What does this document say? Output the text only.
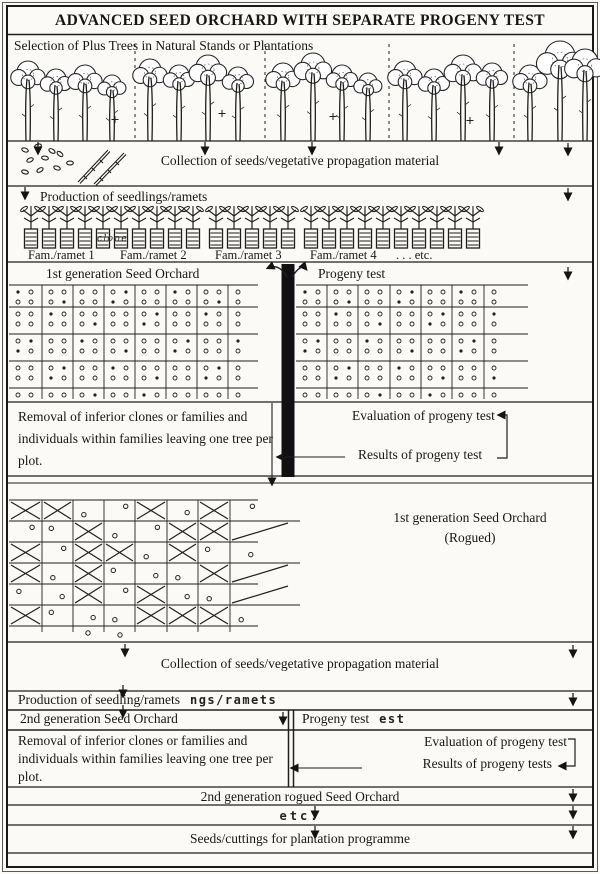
ADVANCED SEED ORCHARD WITH SEPARATE PROGENY TEST
Selection of Plus Trees in Natural Stands or Plantations
Collection of seeds/vegetative propagation material
Production of seedlings/ramets
clone
Fam./ramet 1 Fam./ramet 2 Fam./ramet 3 Fam./ramet 4 . . . etc.
1st generation Seed Orchard	Progeny test
Removal of inferior clones or families and individuals within families leaving one tree per plot.
Evaluation of progeny test
Results of progeny test
1st generation Seed Orchard
(Rogued)
Collection of seeds/vegetative propagation material
Production of seedling/ramets ngs/ramets
2nd generation Seed Orchard	Progeny test est
Removal of inferior clones or families and individuals within families leaving one tree per plot.
Evaluation of progeny test
Results of progeny tests
2nd generation rogued Seed Orchard
etc.
Seeds/cuttings for plantation programme
